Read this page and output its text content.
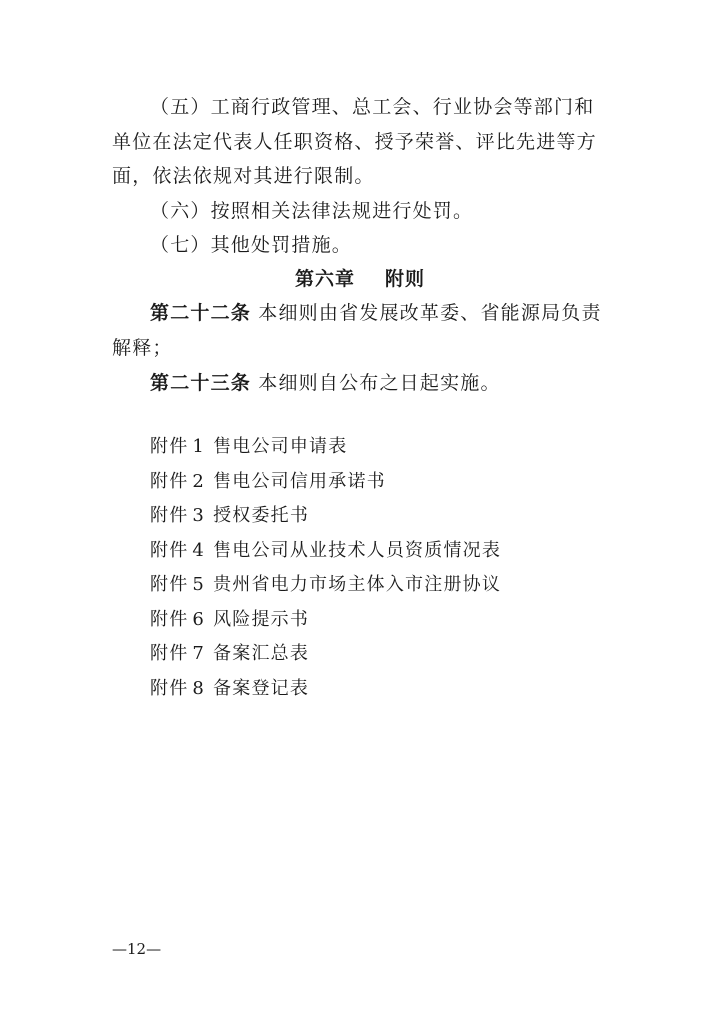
（五）工商行政管理、总工会、行业协会等部门和单位在法定代表人任职资格、授予荣誉、评比先进等方面，依法依规对其进行限制。

（六）按照相关法律法规进行处罚。

（七）其他处罚措施。

第六章 附则

第二十二条 本细则由省发展改革委、省能源局负责解释；

第二十三条 本细则自公布之日起实施。

附件 1 售电公司申请表
附件 2 售电公司信用承诺书
附件 3 授权委托书
附件 4 售电公司从业技术人员资质情况表
附件 5 贵州省电力市场主体入市注册协议
附件 6 风险提示书
附件 7 备案汇总表
附件 8 备案登记表
—12—
